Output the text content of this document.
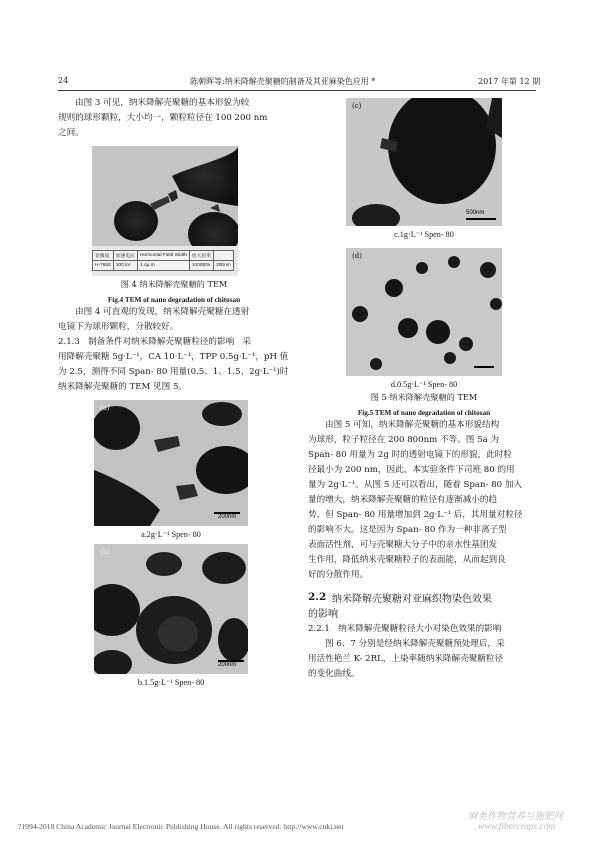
24	陈朝晖等:纳米降解壳聚糖的制备及其亚麻染色应用 *	2017 年第 12 期
由图 3 可见，纳米降解壳聚糖的基本形貌为较
规则的球形颗粒，大小均一，颗粒粒径在 100 200 nm
之间。
显微镜	加速电压	Horizontal Field Width	放大倍率	
H-7650	100 kV	1.4µ m	100000x	200nm
图 4 纳米降解壳聚糖的 TEM
Fig.4 TEM of nano degradation of chitosan
由图 4 可直观的发现，纳米降解壳聚糖在透射
电镜下为球形颗粒，分散较好。
2.1.3 制备条件对纳米降解壳聚糖粒径的影响 采
用降解壳聚糖 5g·L⁻¹，CA 10·L⁻¹，TPP 0.5g·L⁻¹，pH 值
为 2.5，测得不同 Span- 80 用量(0.5、1、1.5、2g·L⁻¹)时
纳米降解壳聚糖的 TEM 见图 5。
(a)
200nm
a.2g·L⁻¹ Spen- 80
(b)
200nm
b.1.5g·L⁻¹ Spen- 80
(c)
500nm
c.1g·L⁻¹ Spen- 80
(d)
d.0.5g·L⁻¹ Spen- 80
图 5 纳米降解壳聚糖的 TEM
Fig.5 TEM of nano degradation of chitosan
由图 5 可知，纳米降解壳聚糖的基本形貌结构
为球形，粒子粒径在 200 800nm 不等。图 5a 为
Span- 80 用量为 2g 时的透射电镜下的形貌，此时粒
径最小为 200 nm，因此，本实验条件下司班 80 的用
量为 2g·L⁻¹。从图 5 还可以看出，随着 Span- 80 加入
量的增大，纳米降解壳聚糖的粒径有逐渐减小的趋
势，但 Span- 80 用量增加到 2g·L⁻¹ 后，其用量对粒径
的影响不大。这是因为 Span- 80 作为一种非离子型
表面活性剂，可与壳聚糖大分子中的亲水性基团发
生作用，降低纳米壳聚糖粒子的表面能，从而起到良
好的分散作用。
2.2 纳米降解壳聚糖对亚麻织物染色效果
的影响
2.2.1 纳米降解壳聚糖粒径大小对染色效果的影响
图 6、7 分别是经纳米降解壳聚糖预处理后，采
用活性艳兰 K- 2RL，上染率随纳米降解壳聚糖粒径
的变化曲线。
?1994-2018 China Academic Journal Electronic Publishing House. All rights reserved. http://www.cnki.net
麻类作物营养与施肥网
www.fibercrops.com
